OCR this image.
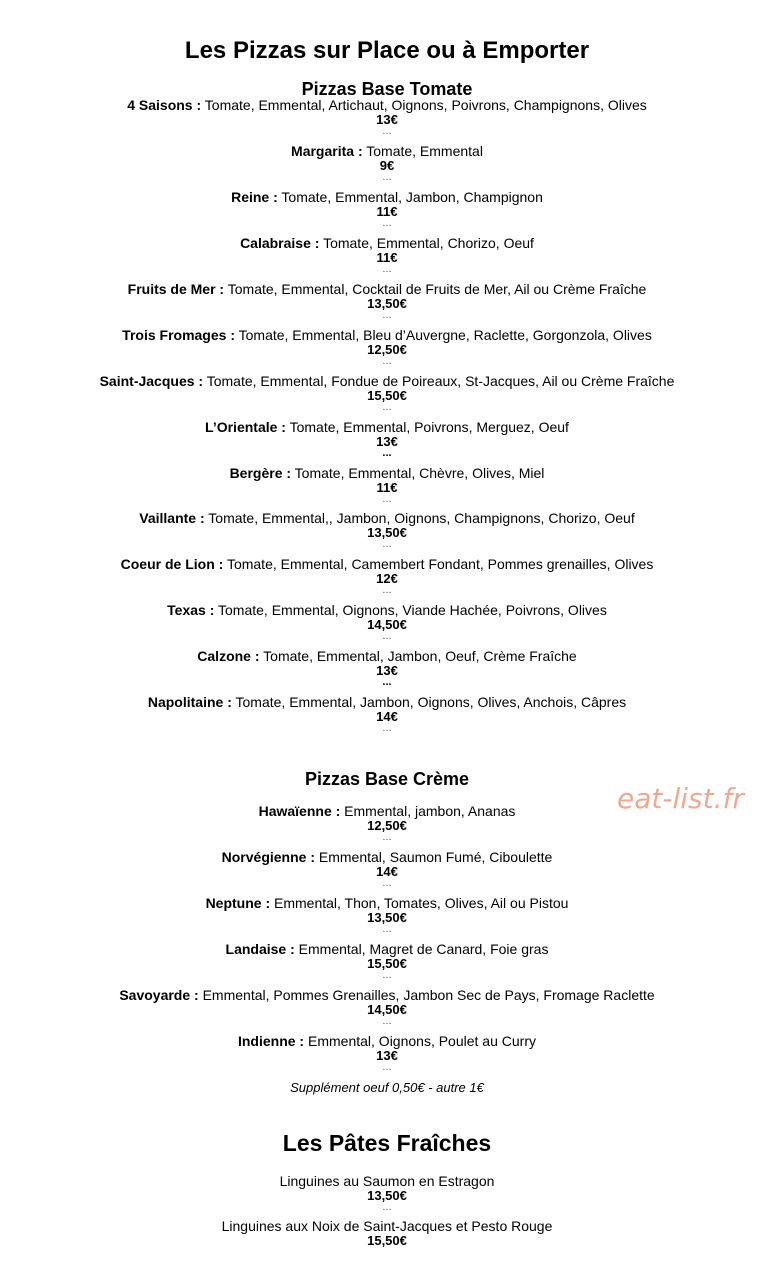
Les Pizzas sur Place ou à Emporter
Pizzas Base Tomate
4 Saisons : Tomate, Emmental, Artichaut, Oignons, Poivrons, Champignons, Olives
13€
...
Margarita : Tomate, Emmental
9€
...
Reine : Tomate, Emmental, Jambon, Champignon
11€
...
Calabraise : Tomate, Emmental, Chorizo, Oeuf
11€
...
Fruits de Mer : Tomate, Emmental, Cocktail de Fruits de Mer, Ail ou Crème Fraîche
13,50€
...
Trois Fromages : Tomate, Emmental, Bleu d’Auvergne, Raclette, Gorgonzola, Olives
12,50€
...
Saint-Jacques : Tomate, Emmental, Fondue de Poireaux, St-Jacques, Ail ou Crème Fraîche
15,50€
...
L’Orientale : Tomate, Emmental, Poivrons, Merguez, Oeuf
13€
...
Bergère : Tomate, Emmental, Chèvre, Olives, Miel
11€
...
Vaillante : Tomate, Emmental,, Jambon, Oignons, Champignons, Chorizo, Oeuf
13,50€
...
Coeur de Lion : Tomate, Emmental, Camembert Fondant, Pommes grenailles, Olives
12€
...
Texas : Tomate, Emmental, Oignons, Viande Hachée, Poivrons, Olives
14,50€
...
Calzone : Tomate, Emmental, Jambon, Oeuf, Crème Fraîche
13€
...
Napolitaine : Tomate, Emmental, Jambon, Oignons, Olives, Anchois, Câpres
14€
...
Pizzas Base Crème
eat-list.fr
Hawaïenne : Emmental, jambon, Ananas
12,50€
...
Norvégienne : Emmental, Saumon Fumé, Ciboulette
14€
...
Neptune : Emmental, Thon, Tomates, Olives, Ail ou Pistou
13,50€
...
Landaise : Emmental, Magret de Canard, Foie gras
15,50€
...
Savoyarde : Emmental, Pommes Grenailles, Jambon Sec de Pays, Fromage Raclette
14,50€
...
Indienne : Emmental, Oignons, Poulet au Curry
13€
...
Supplément oeuf 0,50€ - autre 1€
Les Pâtes Fraîches
Linguines au Saumon en Estragon
13,50€
...
Linguines aux Noix de Saint-Jacques et Pesto Rouge
15,50€
